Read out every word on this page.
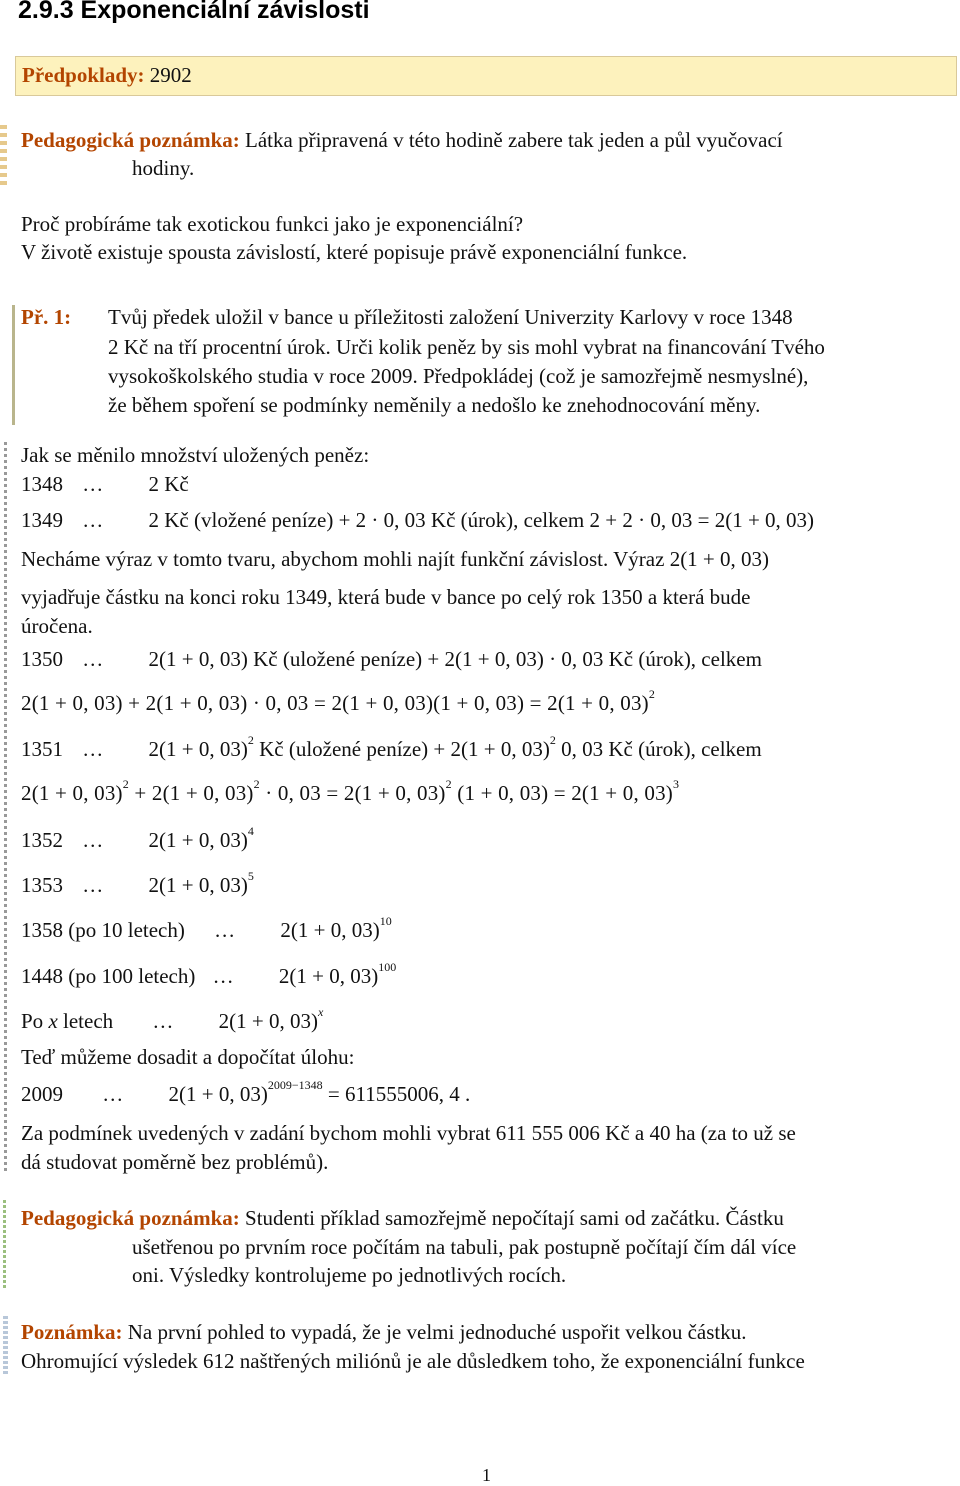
2.9.3 Exponenciální závislosti
Předpoklady: 2902
Pedagogická poznámka: Látka připravená v této hodině zabere tak jeden a půl vyučovací
hodiny.
Proč probíráme tak exotickou funkci jako je exponenciální?
V životě existuje spousta závislostí, které popisuje právě exponenciální funkce.
Př. 1: Tvůj předek uložil v bance u příležitosti založení Univerzity Karlovy v roce 1348
2 Kč na tří procentní úrok. Urči kolik peněz by sis mohl vybrat na financování Tvého
vysokoškolského studia v roce 2009. Předpokládej (což je samozřejmě nesmyslné),
že během spoření se podmínky neměnily a nedošlo ke znehodnocování měny.
Jak se měnilo množství uložených peněz:
1348 … 2 Kč
1349 … 2 Kč (vložené peníze) + 2 · 0, 03 Kč (úrok), celkem 2 + 2 · 0, 03 = 2(1 + 0, 03)
Necháme výraz v tomto tvaru, abychom mohli najít funkční závislost. Výraz 2(1 + 0, 03)
vyjadřuje částku na konci roku 1349, která bude v bance po celý rok 1350 a která bude
úročena.
1350 … 2(1 + 0, 03) Kč (uložené peníze) + 2(1 + 0, 03) · 0, 03 Kč (úrok), celkem
2(1 + 0, 03) + 2(1 + 0, 03) · 0, 03 = 2(1 + 0, 03)(1 + 0, 03) = 2(1 + 0, 03)$^2$
1351 … 2(1 + 0, 03)$^2$ Kč (uložené peníze) + 2(1 + 0, 03)$^2$ 0, 03 Kč (úrok), celkem
2(1 + 0, 03)$^2$ + 2(1 + 0, 03)$^2$ · 0, 03 = 2(1 + 0, 03)$^2$ (1 + 0, 03) = 2(1 + 0, 03)$^3$
1352 … 2(1 + 0, 03)$^4$
1353 … 2(1 + 0, 03)$^5$
1358 (po 10 letech) … 2(1 + 0, 03)$^{10}$
1448 (po 100 letech) … 2(1 + 0, 03)$^{100}$
Po x letech … 2(1 + 0, 03)$^x$
Teď můžeme dosadit a dopočítat úlohu:
2009 … 2(1 + 0, 03)$^{2009-1348}$ = 611555006, 4 .
Za podmínek uvedených v zadání bychom mohli vybrat 611 555 006 Kč a 40 ha (za to už se
dá studovat poměrně bez problémů).
Pedagogická poznámka: Studenti příklad samozřejmě nepočítají sami od začátku. Částku
ušetřenou po prvním roce počítám na tabuli, pak postupně počítají čím dál více
oni. Výsledky kontrolujeme po jednotlivých rocích.
Poznámka: Na první pohled to vypadá, že je velmi jednoduché uspořit velkou částku.
Ohromující výsledek 612 naštřených miliónů je ale důsledkem toho, že exponenciální funkce
1
